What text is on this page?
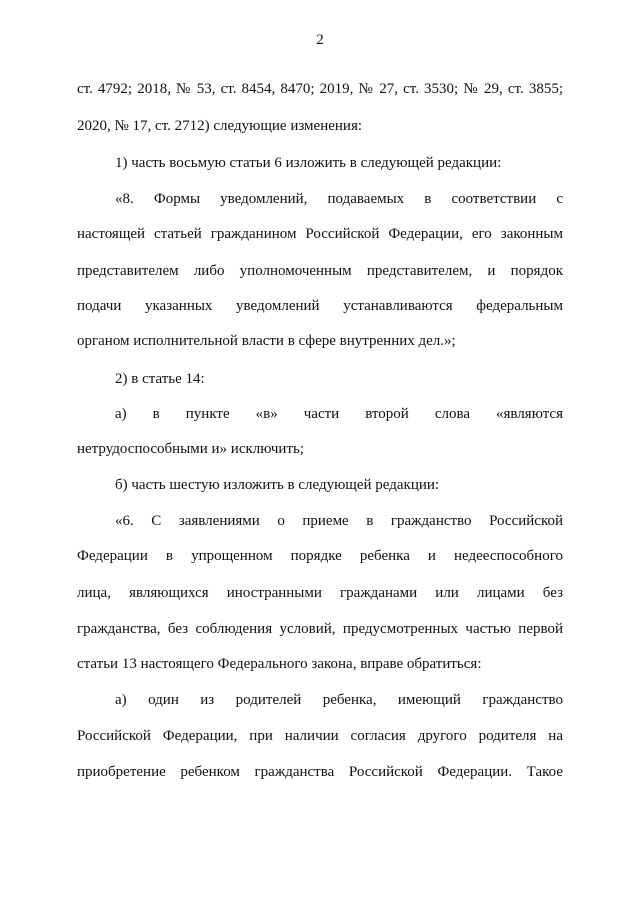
2
ст. 4792; 2018, № 53, ст. 8454, 8470; 2019, № 27, ст. 3530; № 29, ст. 3855;
2020, № 17, ст. 2712) следующие изменения:
1) часть восьмую статьи 6 изложить в следующей редакции:
«8. Формы уведомлений, подаваемых в соответствии с
настоящей статьей гражданином Российской Федерации, его законным
представителем либо уполномоченным представителем, и порядок
подачи указанных уведомлений устанавливаются федеральным
органом исполнительной власти в сфере внутренних дел.»;
2) в статье 14:
а) в пункте «в» части второй слова «являются
нетрудоспособными и» исключить;
б) часть шестую изложить в следующей редакции:
«6. С заявлениями о приеме в гражданство Российской
Федерации в упрощенном порядке ребенка и недееспособного
лица, являющихся иностранными гражданами или лицами без
гражданства, без соблюдения условий, предусмотренных частью первой
статьи 13 настоящего Федерального закона, вправе обратиться:
а) один из родителей ребенка, имеющий гражданство
Российской Федерации, при наличии согласия другого родителя на
приобретение ребенком гражданства Российской Федерации. Такое
